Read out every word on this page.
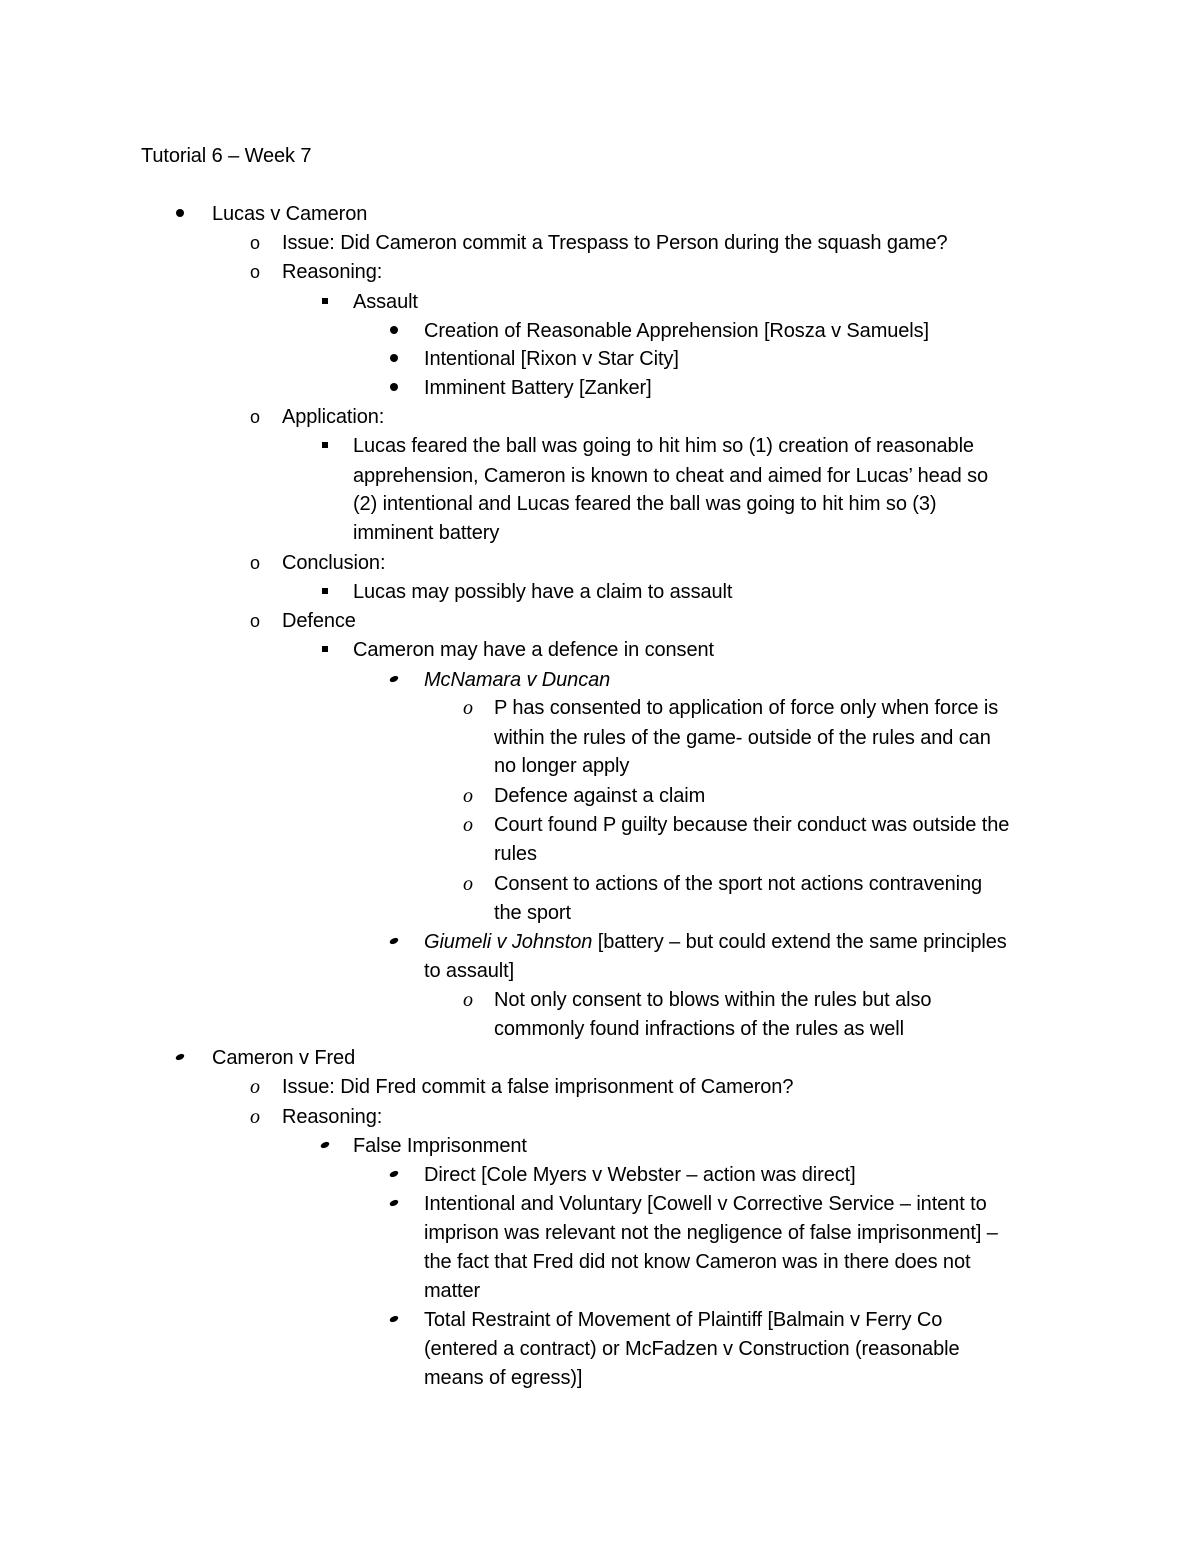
Tutorial 6 – Week 7
Lucas v Cameron
o Issue: Did Cameron commit a Trespass to Person during the squash game?
o Reasoning:
Assault
Creation of Reasonable Apprehension [Rosza v Samuels]
Intentional [Rixon v Star City]
Imminent Battery [Zanker]
o Application:
Lucas feared the ball was going to hit him so (1) creation of reasonable
apprehension, Cameron is known to cheat and aimed for Lucas’ head so
(2) intentional and Lucas feared the ball was going to hit him so (3)
imminent battery
o Conclusion:
Lucas may possibly have a claim to assault
o Defence
Cameron may have a defence in consent
McNamara v Duncan
o P has consented to application of force only when force is
within the rules of the game- outside of the rules and can
no longer apply
o Defence against a claim
o Court found P guilty because their conduct was outside the
rules
o Consent to actions of the sport not actions contravening
the sport
Giumeli v Johnston [battery – but could extend the same principles
to assault]
o Not only consent to blows within the rules but also
commonly found infractions of the rules as well
Cameron v Fred
o Issue: Did Fred commit a false imprisonment of Cameron?
o Reasoning:
False Imprisonment
Direct [Cole Myers v Webster – action was direct]
Intentional and Voluntary [Cowell v Corrective Service – intent to
imprison was relevant not the negligence of false imprisonment] –
the fact that Fred did not know Cameron was in there does not
matter
Total Restraint of Movement of Plaintiff [Balmain v Ferry Co
(entered a contract) or McFadzen v Construction (reasonable
means of egress)]
